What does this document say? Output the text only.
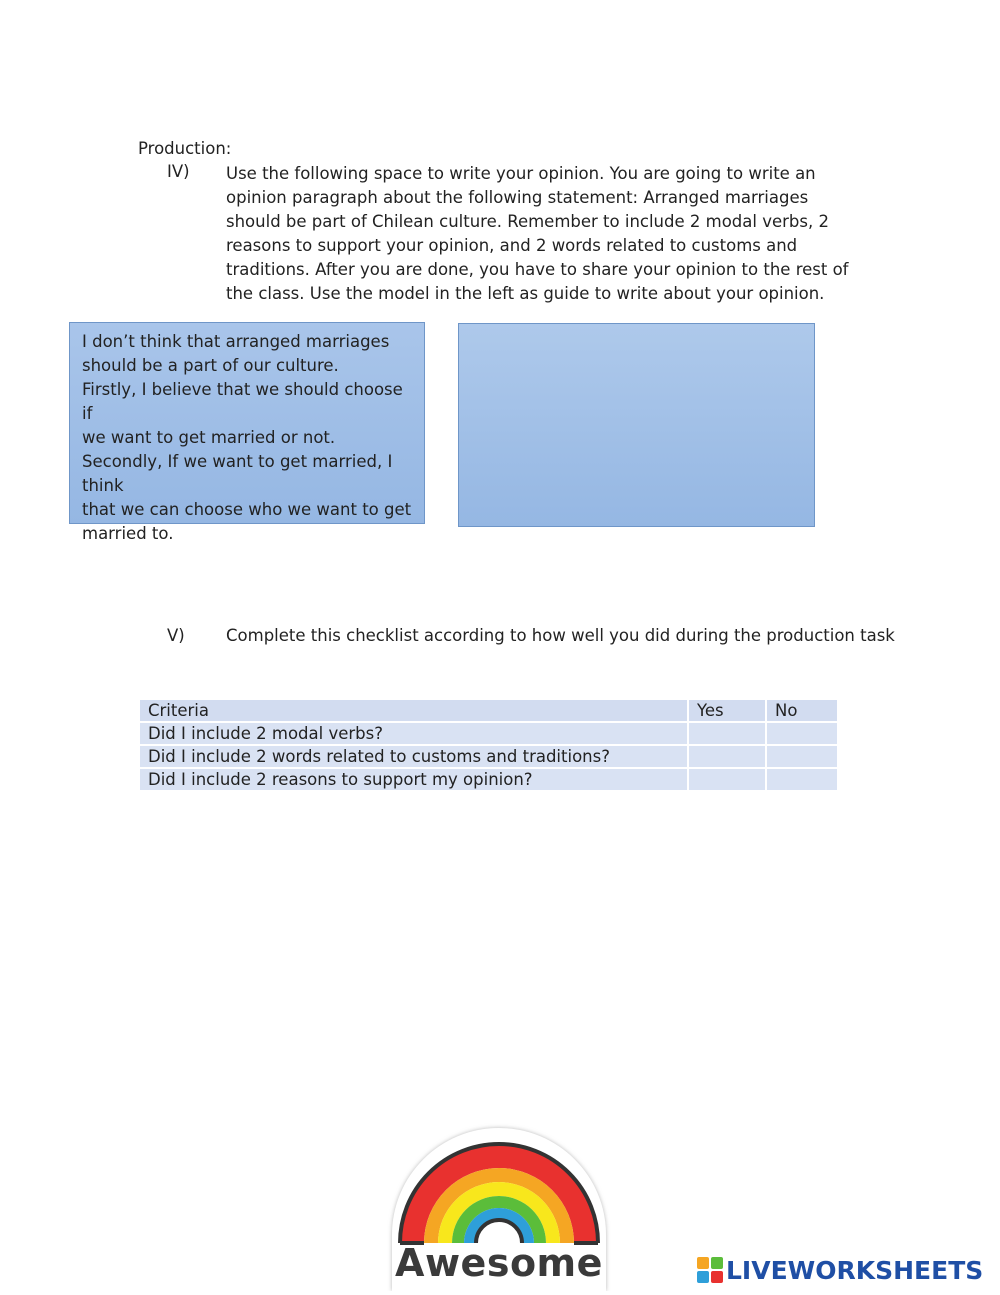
Production:
IV) Use the following space to write your opinion. You are going to write an opinion paragraph about the following statement: Arranged marriages should be part of Chilean culture. Remember to include 2 modal verbs, 2 reasons to support your opinion, and 2 words related to customs and traditions. After you are done, you have to share your opinion to the rest of the class. Use the model in the left as guide to write about your opinion.
I don’t think that arranged marriages
should be a part of our culture.
Firstly, I believe that we should choose if
we want to get married or not.
Secondly, If we want to get married, I think
that we can choose who we want to get
married to.
V)	Complete this checklist according to how well you did during the production task
Criteria	Yes	No
Did I include 2 modal verbs?		
Did I include 2 words related to customs and traditions?		
Did I include 2 reasons to support my opinion?		
Awesome	LIVEWORKSHEETS
